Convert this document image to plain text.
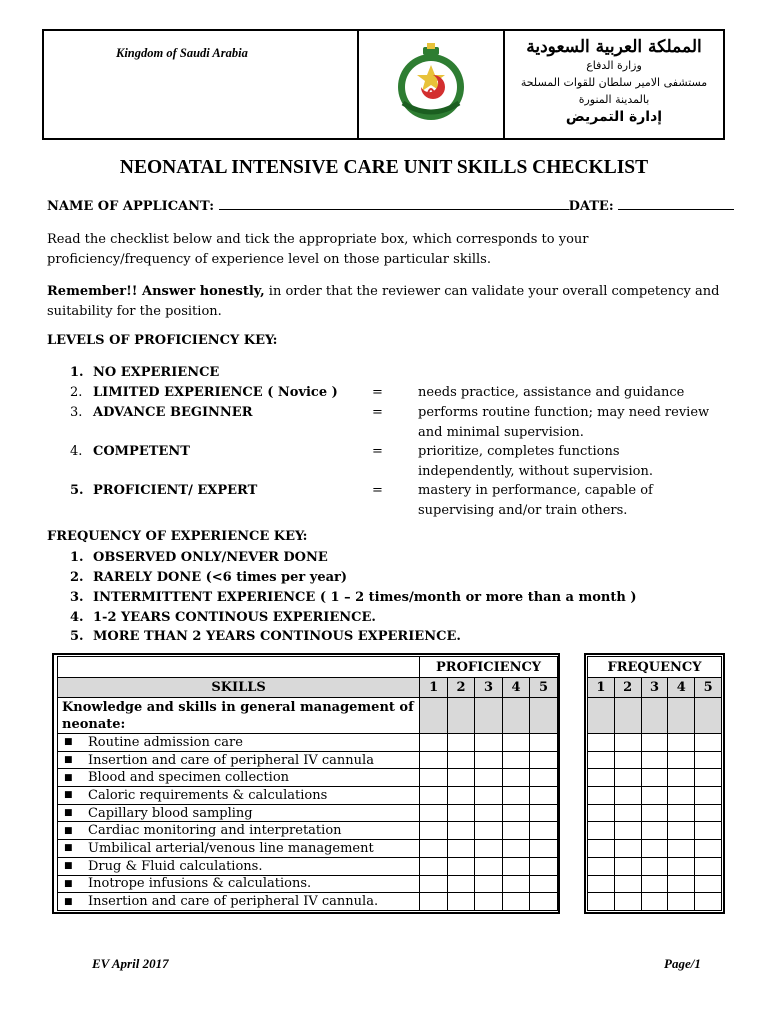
Kingdom of Saudi Arabia	المملكة العربية السعودية
وزارة الدفاع
مستشفى الامير سلطان للقوات المسلحة
بالمدينة المنورة
إدارة التمريض
NEONATAL INTENSIVE CARE UNIT SKILLS CHECKLIST
NAME OF APPLICANT:	DATE:
Read the checklist below and tick the appropriate box, which corresponds to your proficiency/frequency of experience level on those particular skills.
Remember!! Answer honestly, in order that the reviewer can validate your overall competency and suitability for the position.
LEVELS OF PROFICIENCY KEY:
1. NO EXPERIENCE
2. LIMITED EXPERIENCE ( Novice )	=	needs practice, assistance and guidance
3. ADVANCE BEGINNER	=	performs routine function; may need review and minimal supervision.
4. COMPETENT	=	prioritize, completes functions independently, without supervision.
5. PROFICIENT/ EXPERT	=	mastery in performance, capable of supervising and/or train others.
FREQUENCY OF EXPERIENCE KEY:
1. OBSERVED ONLY/NEVER DONE
2. RARELY DONE (<6 times per year)
3. INTERMITTENT EXPERIENCE ( 1 – 2 times/month or more than a month )
4. 1-2 YEARS CONTINOUS EXPERIENCE.
5. MORE THAN 2 YEARS CONTINOUS EXPERIENCE.
	PROFICIENCY				
SKILLS	1	2	3	4	5
Knowledge and skills in general management of neonate:					
■ Routine admission care					
■ Insertion and care of peripheral IV cannula					
■ Blood and specimen collection					
■ Caloric requirements & calculations					
■ Capillary blood sampling					
■ Cardiac monitoring and interpretation					
■ Umbilical arterial/venous line management					
■ Drug & Fluid calculations.					
■ Inotrope infusions & calculations.					
■ Insertion and care of peripheral IV cannula.					
FREQUENCY				
1	2	3	4	5

EV April 2017	Page/1
